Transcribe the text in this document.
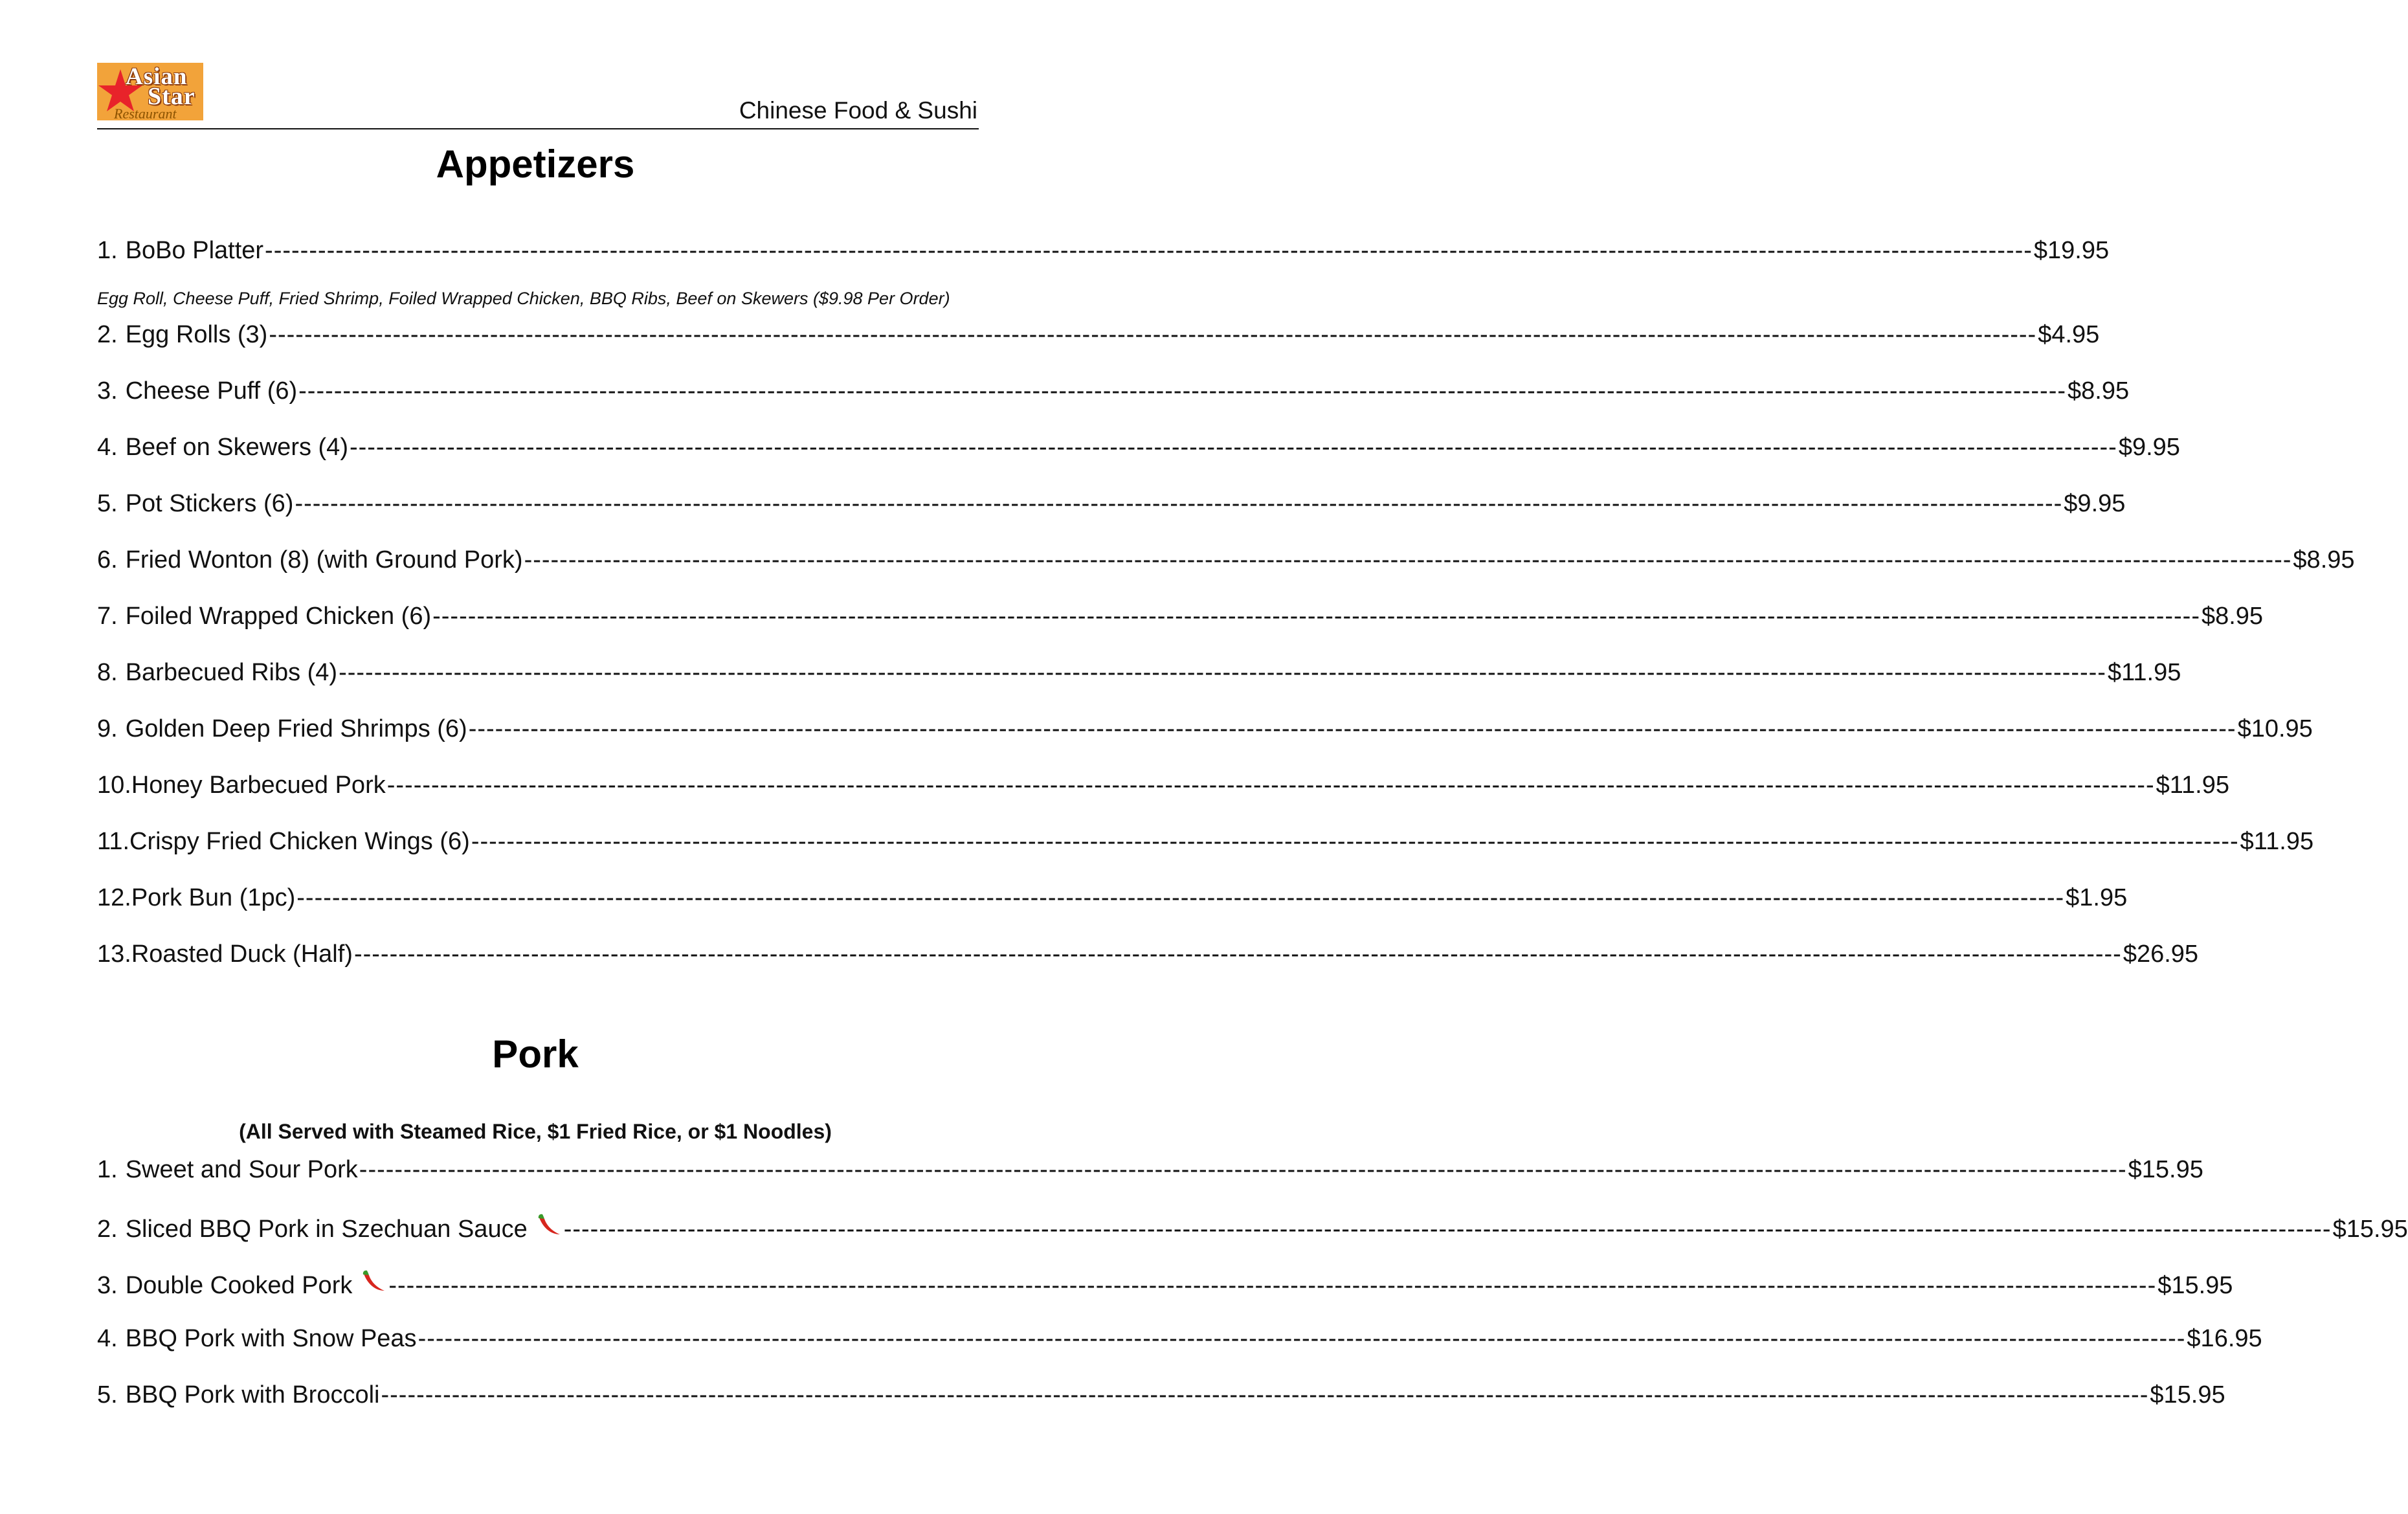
Asian
Star
Restaurant	Chinese Food & Sushi
Appetizers
Egg Roll, Cheese Puff, Fried Shrimp, Foiled Wrapped Chicken, BBQ Ribs, Beef on Skewers ($9.98 Per Order)
1. BoBo Platter -------------------------------------------------------------------------------------------------------------------------------------------------------------------------------------------------------- $19.95
2. Egg Rolls (3) -------------------------------------------------------------------------------------------------------------------------------------------------------------------------------------------------------- $4.95
3. Cheese Puff (6) -------------------------------------------------------------------------------------------------------------------------------------------------------------------------------------------------------- $8.95
4. Beef on Skewers (4) -------------------------------------------------------------------------------------------------------------------------------------------------------------------------------------------------------- $9.95
5. Pot Stickers (6) -------------------------------------------------------------------------------------------------------------------------------------------------------------------------------------------------------- $9.95
6. Fried Wonton (8) (with Ground Pork) -------------------------------------------------------------------------------------------------------------------------------------------------------------------------------------------------------- $8.95
7. Foiled Wrapped Chicken (6) -------------------------------------------------------------------------------------------------------------------------------------------------------------------------------------------------------- $8.95
8. Barbecued Ribs (4) -------------------------------------------------------------------------------------------------------------------------------------------------------------------------------------------------------- $11.95
9. Golden Deep Fried Shrimps (6) -------------------------------------------------------------------------------------------------------------------------------------------------------------------------------------------------------- $10.95
10. Honey Barbecued Pork -------------------------------------------------------------------------------------------------------------------------------------------------------------------------------------------------------- $11.95
11. Crispy Fried Chicken Wings (6) -------------------------------------------------------------------------------------------------------------------------------------------------------------------------------------------------------- $11.95
12. Pork Bun (1pc) -------------------------------------------------------------------------------------------------------------------------------------------------------------------------------------------------------- $1.95
13. Roasted Duck (Half) -------------------------------------------------------------------------------------------------------------------------------------------------------------------------------------------------------- $26.95
Pork
(All Served with Steamed Rice, $1 Fried Rice, or $1 Noodles)
1. Sweet and Sour Pork -------------------------------------------------------------------------------------------------------------------------------------------------------------------------------------------------------- $15.95
2. Sliced BBQ Pork in Szechuan Sauce -------------------------------------------------------------------------------------------------------------------------------------------------------------------------------------------------------- $15.95
3. Double Cooked Pork -------------------------------------------------------------------------------------------------------------------------------------------------------------------------------------------------------- $15.95
4. BBQ Pork with Snow Peas -------------------------------------------------------------------------------------------------------------------------------------------------------------------------------------------------------- $16.95
5. BBQ Pork with Broccoli -------------------------------------------------------------------------------------------------------------------------------------------------------------------------------------------------------- $15.95
